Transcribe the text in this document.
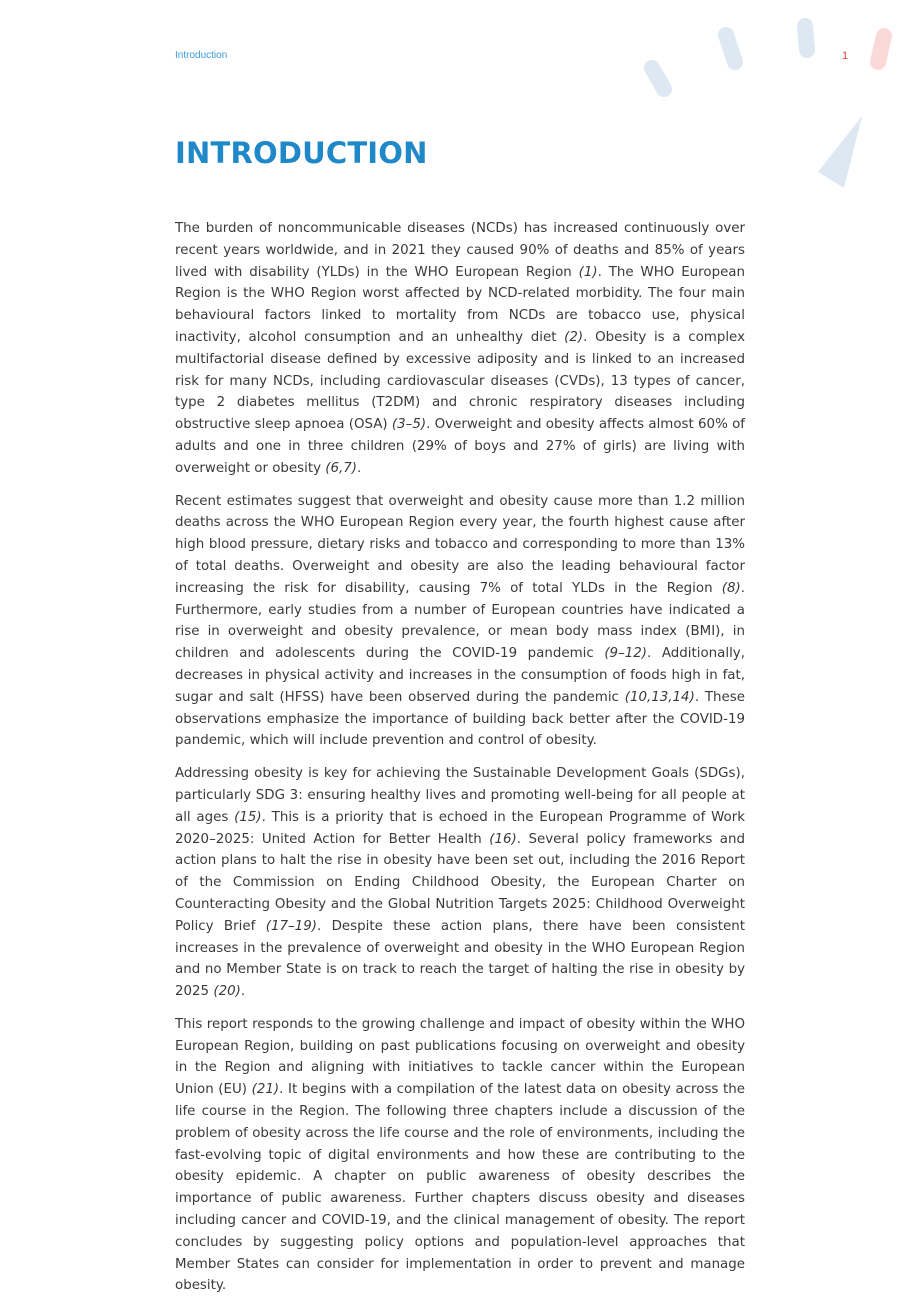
Introduction	1
INTRODUCTION

The burden of noncommunicable diseases (NCDs) has increased continuously over recent years worldwide, and in 2021 they caused 90% of deaths and 85% of years lived with disability (YLDs) in the WHO European Region (1). The WHO European Region is the WHO Region worst affected by NCD-related morbidity. The four main behavioural factors linked to mortality from NCDs are tobacco use, physical inactivity, alcohol consumption and an unhealthy diet (2). Obesity is a complex multifactorial disease defined by excessive adiposity and is linked to an increased risk for many NCDs, including cardiovascular diseases (CVDs), 13 types of cancer, type 2 diabetes mellitus (T2DM) and chronic respiratory diseases including obstructive sleep apnoea (OSA) (3–5). Overweight and obesity affects almost 60% of adults and one in three children (29% of boys and 27% of girls) are living with overweight or obesity (6,7).

Recent estimates suggest that overweight and obesity cause more than 1.2 million deaths across the WHO European Region every year, the fourth highest cause after high blood pressure, dietary risks and tobacco and corresponding to more than 13% of total deaths. Overweight and obesity are also the leading behavioural factor increasing the risk for disability, causing 7% of total YLDs in the Region (8). Furthermore, early studies from a number of European countries have indicated a rise in overweight and obesity prevalence, or mean body mass index (BMI), in children and adolescents during the COVID-19 pandemic (9–12). Additionally, decreases in physical activity and increases in the consumption of foods high in fat, sugar and salt (HFSS) have been observed during the pandemic (10,13,14). These observations emphasize the importance of building back better after the COVID-19 pandemic, which will include prevention and control of obesity.

Addressing obesity is key for achieving the Sustainable Development Goals (SDGs), particularly SDG 3: ensuring healthy lives and promoting well-being for all people at all ages (15). This is a priority that is echoed in the European Programme of Work 2020–2025: United Action for Better Health (16). Several policy frameworks and action plans to halt the rise in obesity have been set out, including the 2016 Report of the Commission on Ending Childhood Obesity, the European Charter on Counteracting Obesity and the Global Nutrition Targets 2025: Childhood Overweight Policy Brief (17–19). Despite these action plans, there have been consistent increases in the prevalence of overweight and obesity in the WHO European Region and no Member State is on track to reach the target of halting the rise in obesity by 2025 (20).

This report responds to the growing challenge and impact of obesity within the WHO European Region, building on past publications focusing on overweight and obesity in the Region and aligning with initiatives to tackle cancer within the European Union (EU) (21). It begins with a compilation of the latest data on obesity across the life course in the Region. The following three chapters include a discussion of the problem of obesity across the life course and the role of environments, including the fast-evolving topic of digital environments and how these are contributing to the obesity epidemic. A chapter on public awareness of obesity describes the importance of public awareness. Further chapters discuss obesity and diseases including cancer and COVID-19, and the clinical management of obesity. The report concludes by suggesting policy options and population-level approaches that Member States can consider for implementation in order to prevent and manage obesity.
